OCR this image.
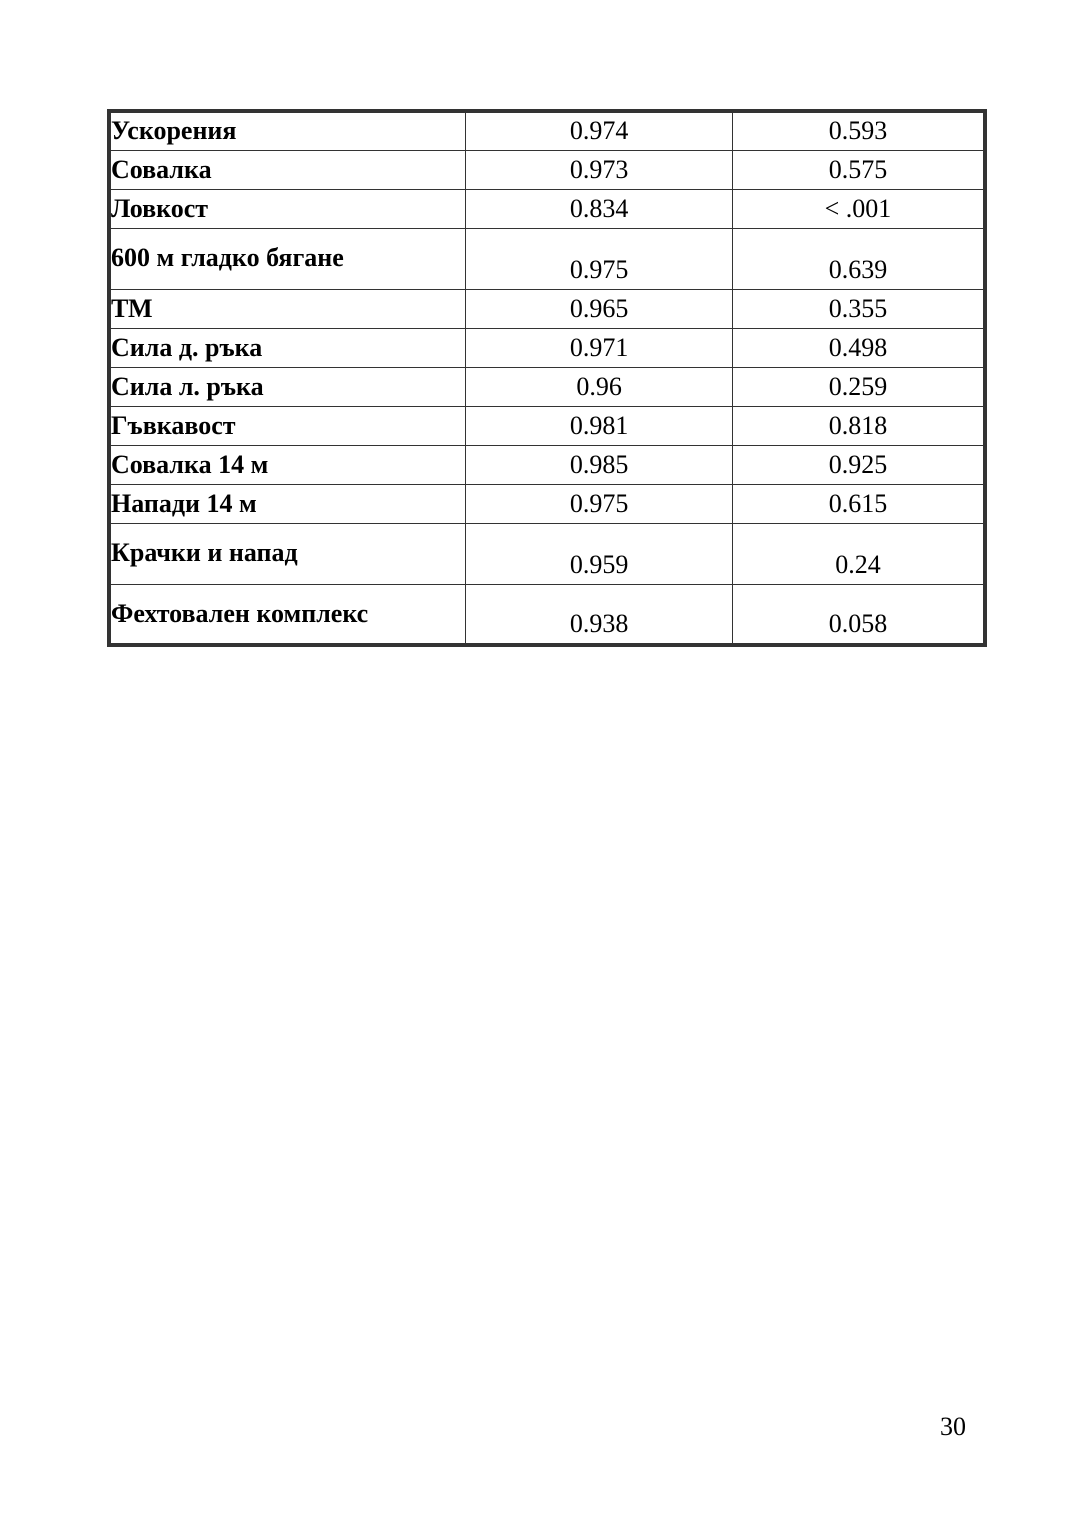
Ускорения	0.974	0.593
Совалка	0.973	0.575
Ловкост	0.834	< .001
600 м гладко бягане	0.975	0.639
ТМ	0.965	0.355
Сила д. ръка	0.971	0.498
Сила л. ръка	0.96	0.259
Гъвкавост	0.981	0.818
Совалка 14 м	0.985	0.925
Напади 14 м	0.975	0.615
Крачки и напад	0.959	0.24
Фехтовален комплекс	0.938	0.058
30
